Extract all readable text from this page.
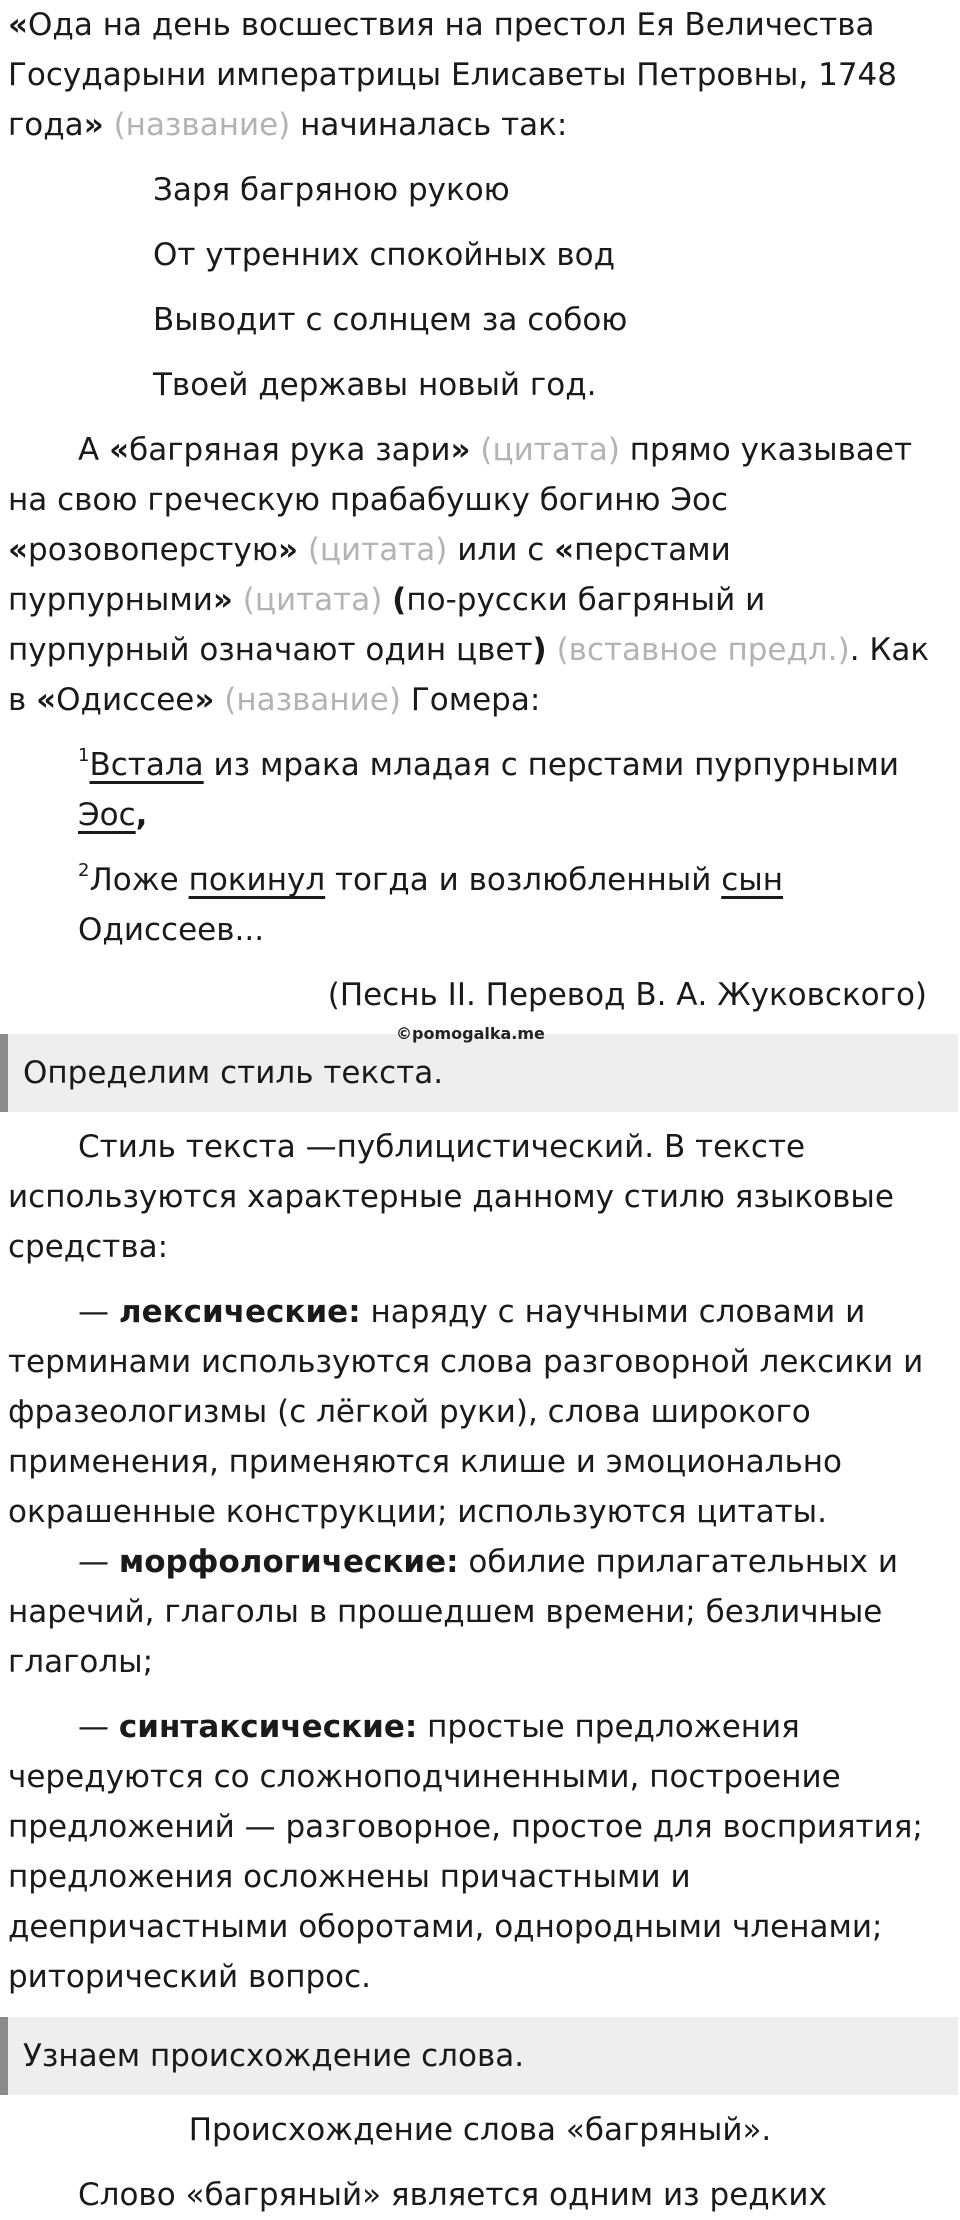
«Ода на день восшествия на престол Ея Величества Государыни императрицы Елисаветы Петровны, 1748 года» (название) начиналась так:

Заря багряною рукою

От утренних спокойных вод

Выводит с солнцем за собою

Твоей державы новый год.

А «багряная рука зари» (цитата) прямо указывает на свою греческую прабабушку богиню Эос «розовоперстую» (цитата) или с «перстами пурпурными» (цитата) (по-русски багряный и пурпурный означают один цвет) (вставное предл.). Как в «Одиссее» (название) Гомера:

$^1$Встала из мрака младая с перстами пурпурными Эос,

$^2$Ложе покинул тогда и возлюбленный сын Одиссеев...

(Песнь II. Перевод В. А. Жуковского)

Определим стиль текста.

Стиль текста —публицистический. В тексте используются характерные данному стилю языковые средства:

— лексические: наряду с научными словами и терминами используются слова разговорной лексики и фразеологизмы (с лёгкой руки), слова широкого применения, применяются клише и эмоционально окрашенные конструкции; используются цитаты.

— морфологические: обилие прилагательных и наречий, глаголы в прошедшем времени; безличные глаголы;

— синтаксические: простые предложения чередуются со сложноподчиненными, построение предложений — разговорное, простое для восприятия; предложения осложнены причастными и деепричастными оборотами, однородными членами; риторический вопрос.

Узнаем происхождение слова.

Происхождение слова «багряный».

Слово «багряный» является одним из редких

©pomogalka.me
